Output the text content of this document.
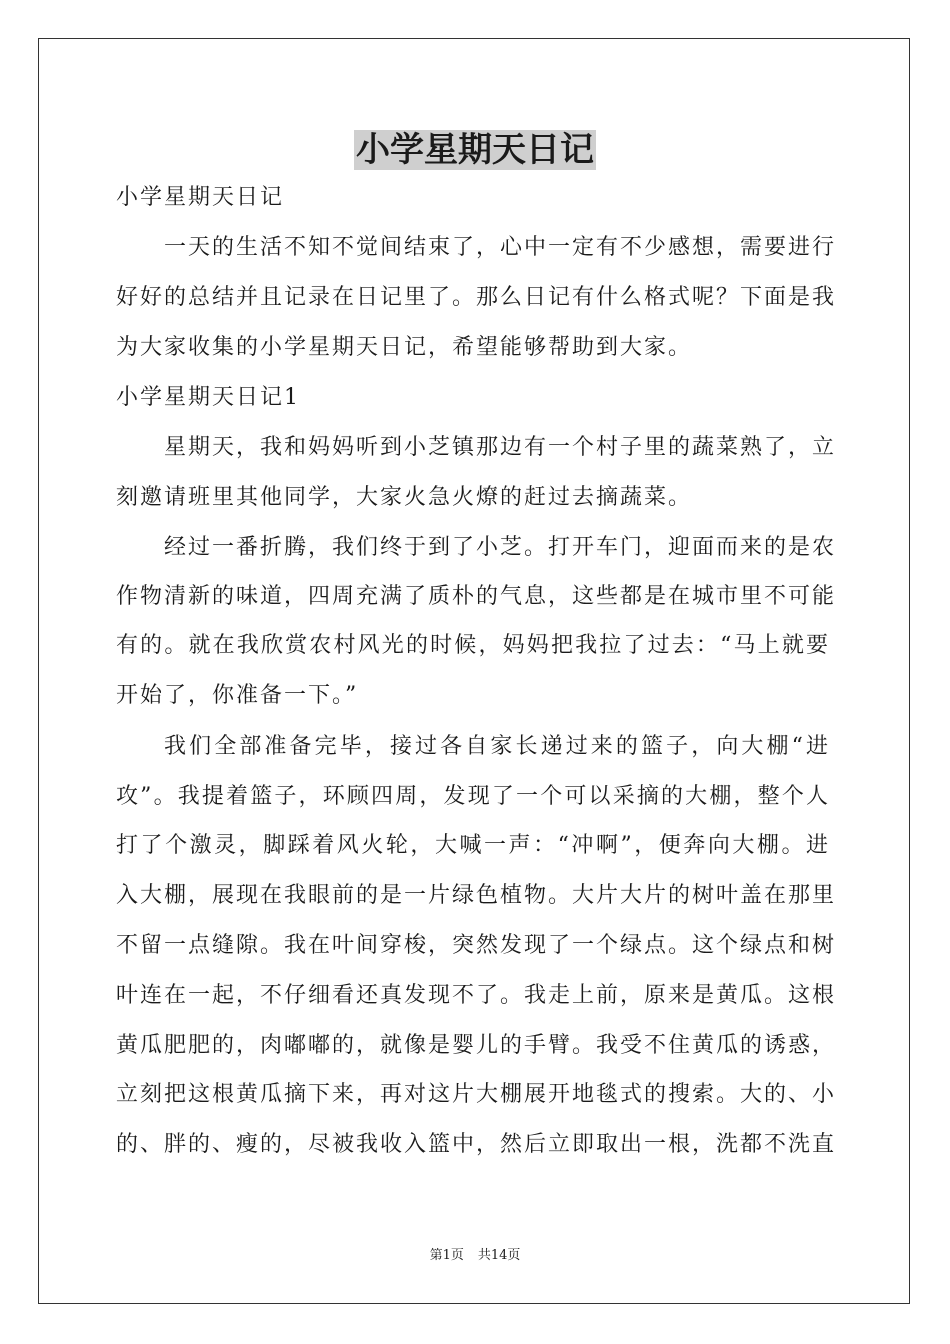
小学星期天日记
小学星期天日记
一天的生活不知不觉间结束了，心中一定有不少感想，需要进行
好好的总结并且记录在日记里了。那么日记有什么格式呢？下面是我
为大家收集的小学星期天日记，希望能够帮助到大家。
小学星期天日记1
星期天，我和妈妈听到小芝镇那边有一个村子里的蔬菜熟了，立
刻邀请班里其他同学，大家火急火燎的赶过去摘蔬菜。
经过一番折腾，我们终于到了小芝。打开车门，迎面而来的是农
作物清新的味道，四周充满了质朴的气息，这些都是在城市里不可能
有的。就在我欣赏农村风光的时候，妈妈把我拉了过去：“马上就要
开始了，你准备一下。”
我们全部准备完毕，接过各自家长递过来的篮子，向大棚“进
攻”。我提着篮子，环顾四周，发现了一个可以采摘的大棚，整个人
打了个激灵，脚踩着风火轮，大喊一声：“冲啊”，便奔向大棚。进
入大棚，展现在我眼前的是一片绿色植物。大片大片的树叶盖在那里
不留一点缝隙。我在叶间穿梭，突然发现了一个绿点。这个绿点和树
叶连在一起，不仔细看还真发现不了。我走上前，原来是黄瓜。这根
黄瓜肥肥的，肉嘟嘟的，就像是婴儿的手臂。我受不住黄瓜的诱惑，
立刻把这根黄瓜摘下来，再对这片大棚展开地毯式的搜索。大的、小
的、胖的、瘦的，尽被我收入篮中，然后立即取出一根，洗都不洗直
第1页 共14页
